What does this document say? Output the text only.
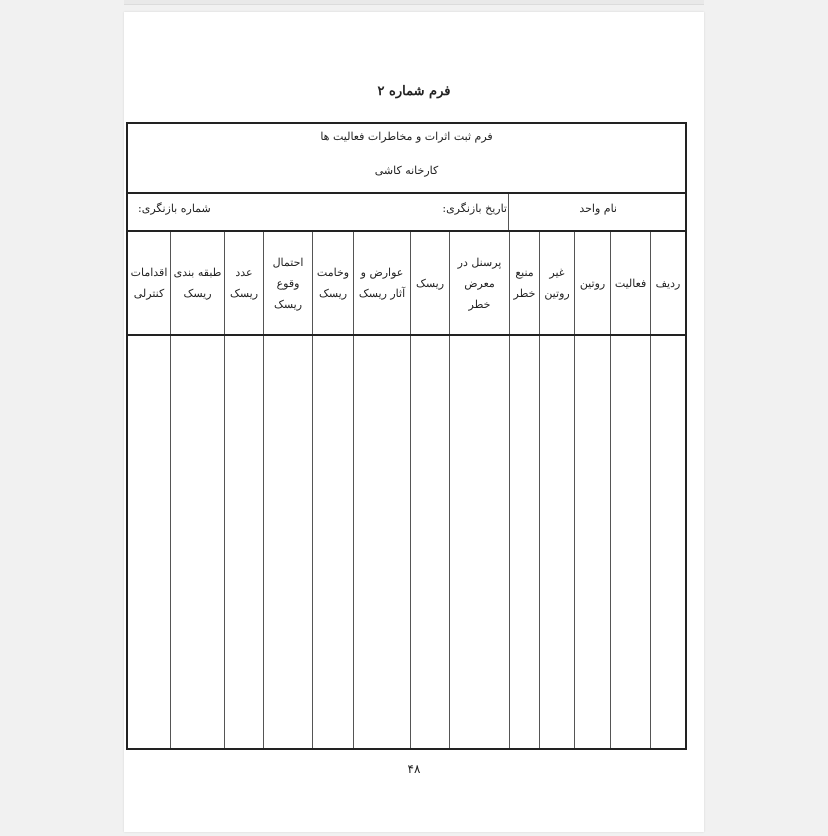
فرم شماره ۲
فرم ثبت اثرات و مخاطرات فعالیت ها
کارخانه کاشی
نام واحد
تاریخ بازنگری:
شماره بازنگری:
ردیف
فعالیت
روتین
غیر
روتین
منبع
خطر
پرسنل در
معرض
خطر
ریسک
عوارض و
آثار ریسک
وخامت
ریسک
احتمال
وقوع
ریسک
عدد
ریسک
طبقه بندی
ریسک
اقدامات
کنترلی
۴۸
